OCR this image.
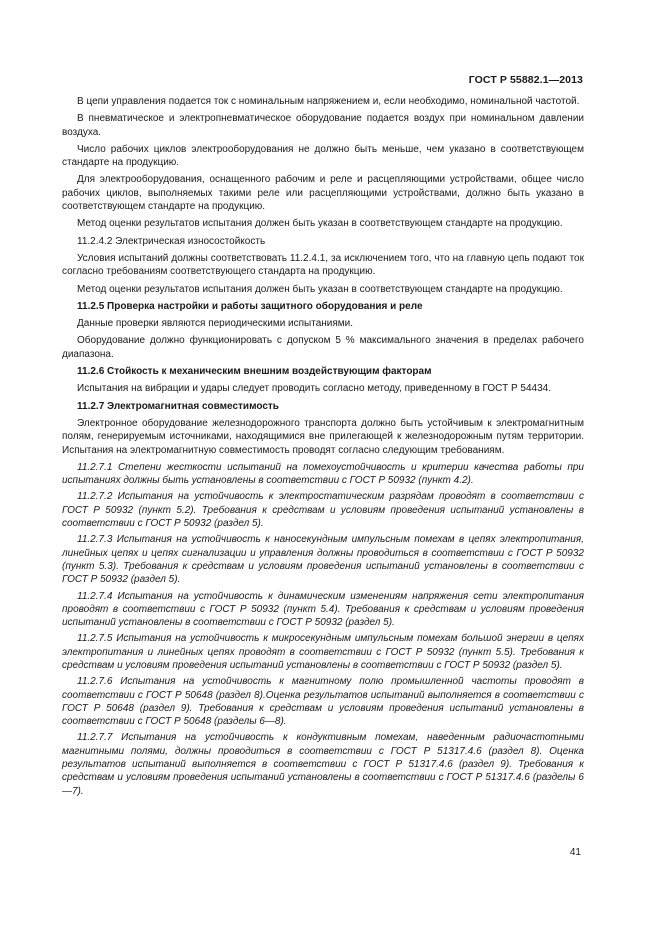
ГОСТ Р 55882.1—2013

В цепи управления подается ток с номинальным напряжением и, если необходимо, номинальной частотой.

В пневматическое и электропневматическое оборудование подается воздух при номинальном давлении воздуха.

Число рабочих циклов электрооборудования не должно быть меньше, чем указано в соответствующем стандарте на продукцию.

Для электрооборудования, оснащенного рабочим и реле и расцепляющими устройствами, общее число рабочих циклов, выполняемых такими реле или расцепляющими устройствами, должно быть указано в соответствующем стандарте на продукцию.

Метод оценки результатов испытания должен быть указан в соответствующем стандарте на продукцию.

11.2.4.2 Электрическая износостойкость

Условия испытаний должны соответствовать 11.2.4.1, за исключением того, что на главную цепь подают ток согласно требованиям соответствующего стандарта на продукцию.

Метод оценки результатов испытания должен быть указан в соответствующем стандарте на продукцию.

11.2.5 Проверка настройки и работы защитного оборудования и реле

Данные проверки являются периодическими испытаниями.

Оборудование должно функционировать с допуском 5 % максимального значения в пределах рабочего диапазона.

11.2.6 Стойкость к механическим внешним воздействующим факторам

Испытания на вибрации и удары следует проводить согласно методу, приведенному в ГОСТ Р 54434.

11.2.7 Электромагнитная совместимость

Электронное оборудование железнодорожного транспорта должно быть устойчивым к электромагнитным полям, генерируемым источниками, находящимися вне прилегающей к железнодорожным путям территории. Испытания на электромагнитную совместимость проводят согласно следующим требованиям.

11.2.7.1 Степени жесткости испытаний на помехоустойчивость и критерии качества работы при испытаниях должны быть установлены в соответствии с ГОСТ Р 50932 (пункт 4.2).

11.2.7.2 Испытания на устойчивость к электростатическим разрядам проводят в соответствии с ГОСТ Р 50932 (пункт 5.2). Требования к средствам и условиям проведения испытаний установлены в соответствии с ГОСТ Р 50932 (раздел 5).

11.2.7.3 Испытания на устойчивость к наносекундным импульсным помехам в цепях электропитания, линейных цепях и цепях сигнализации и управления должны проводиться в соответствии с ГОСТ Р 50932 (пункт 5.3). Требования к средствам и условиям проведения испытаний установлены в соответствии с ГОСТ Р 50932 (раздел 5).

11.2.7.4 Испытания на устойчивость к динамическим изменениям напряжения сети электропитания проводят в соответствии с ГОСТ Р 50932 (пункт 5.4). Требования к средствам и условиям проведения испытаний установлены в соответствии с ГОСТ Р 50932 (раздел 5).

11.2.7.5 Испытания на устойчивость к микросекундным импульсным помехам большой энергии в цепях электропитания и линейных цепях проводят в соответствии с ГОСТ Р 50932 (пункт 5.5). Требования к средствам и условиям проведения испытаний установлены в соответствии с ГОСТ Р 50932 (раздел 5).

11.2.7.6 Испытания на устойчивость к магнитному полю промышленной частоты проводят в соответствии с ГОСТ Р 50648 (раздел 8).Оценка результатов испытаний выполняется в соответствии с ГОСТ Р 50648 (раздел 9). Требования к средствам и условиям проведения испытаний установлены в соответствии с ГОСТ Р 50648 (разделы 6—8).

11.2.7.7 Испытания на устойчивость к кондуктивным помехам, наведенным радиочастотными магнитными полями, должны проводиться в соответствии с ГОСТ Р 51317.4.6 (раздел 8). Оценка результатов испытаний выполняется в соответствии с ГОСТ Р 51317.4.6 (раздел 9). Требования к средствам и условиям проведения испытаний установлены в соответствии с ГОСТ Р 51317.4.6 (разделы 6—7).

41
